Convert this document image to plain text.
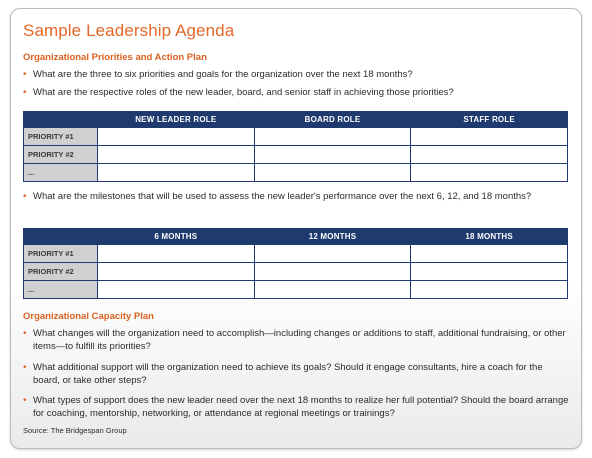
Sample Leadership Agenda
Organizational Priorities and Action Plan
• What are the three to six priorities and goals for the organization over the next 18 months?
• What are the respective roles of the new leader, board, and senior staff in achieving those priorities?
	NEW LEADER ROLE	BOARD ROLE	STAFF ROLE
PRIORITY #1			
PRIORITY #2			
...			
• What are the milestones that will be used to assess the new leader's performance over the next 6, 12, and 18 months?
	6 MONTHS	12 MONTHS	18 MONTHS
PRIORITY #1			
PRIORITY #2			
...			
Organizational Capacity Plan
• What changes will the organization need to accomplish—including changes or additions to staff, additional fundraising, or other items—to fulfill its priorities?
• What additional support will the organization need to achieve its goals? Should it engage consultants, hire a coach for the board, or take other steps?
• What types of support does the new leader need over the next 18 months to realize her full potential? Should the board arrange for coaching, mentorship, networking, or attendance at regional meetings or trainings?
Source: The Bridgespan Group
